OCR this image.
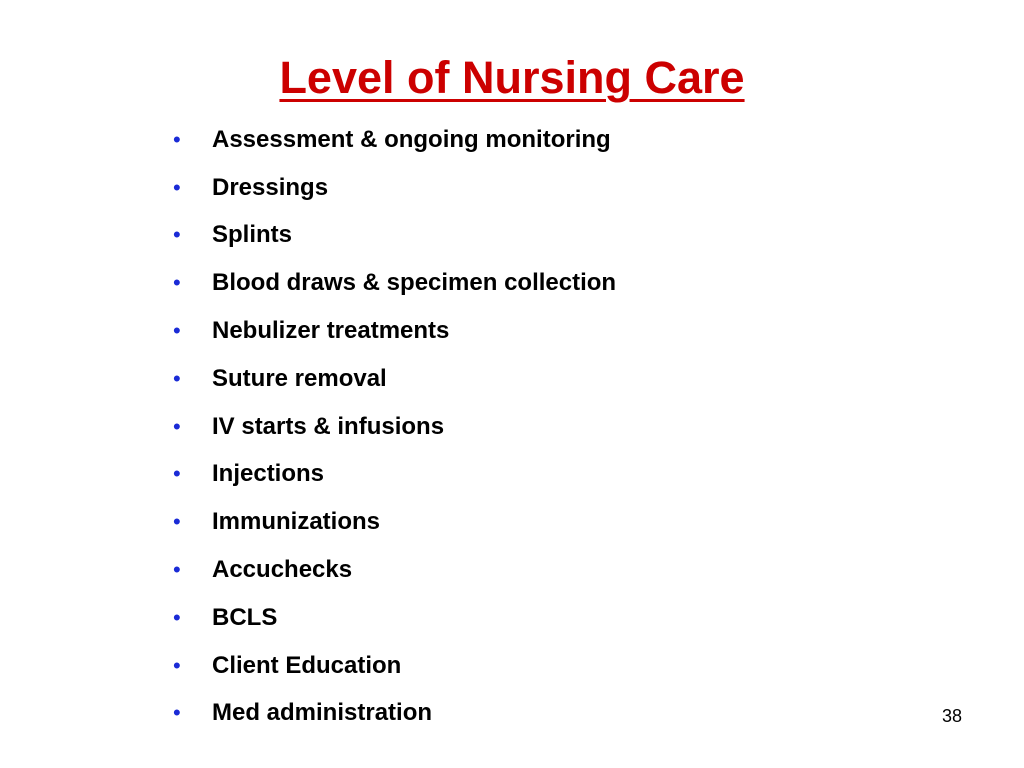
Level of Nursing Care
•	Assessment & ongoing monitoring
•	Dressings
•	Splints
•	Blood draws & specimen collection
•	Nebulizer treatments
•	Suture removal
•	IV starts & infusions
•	Injections
•	Immunizations
•	Accuchecks
•	BCLS
•	Client Education
•	Med administration	38
